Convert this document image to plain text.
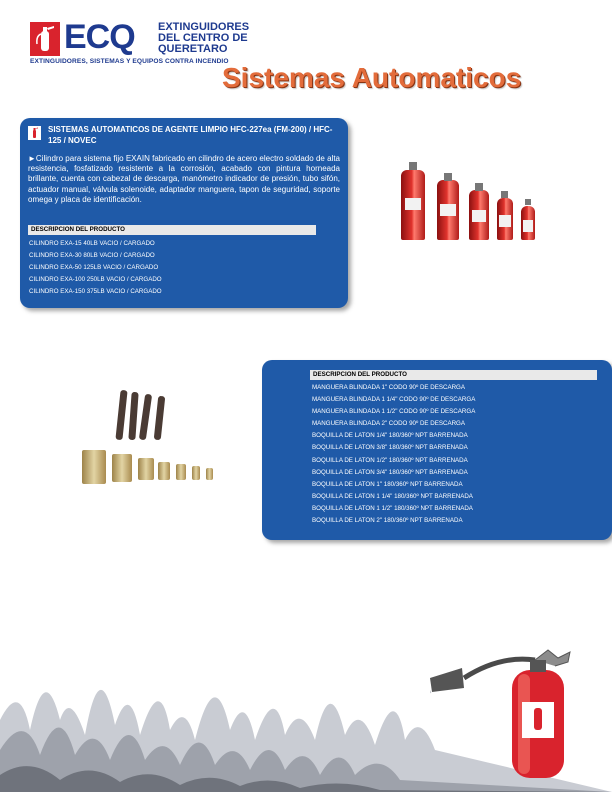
ECQ EXTINGUIDORES DEL CENTRO DE QUERETARO
EXTINGUIDORES, SISTEMAS Y EQUIPOS CONTRA INCENDIO
Sistemas Automaticos
SISTEMAS AUTOMATICOS DE AGENTE LIMPIO HFC-227ea (FM-200) / HFC-125 / NOVEC
►Cilindro para sistema fijo EXAIN fabricado en cilindro de acero electro soldado de alta resistencia, fosfatizado resistente a la corrosión, acabado con pintura horneada brillante, cuenta con cabezal de descarga, manómetro indicador de presión, tubo sifón, actuador manual, válvula solenoide, adaptador manguera, tapon de seguridad, soporte omega y placa de identificación.
DESCRIPCION DEL PRODUCTO
CILINDRO EXA-15 40LB VACIO / CARGADO
CILINDRO EXA-30 80LB VACIO / CARGADO
CILINDRO EXA-50 125LB VACIO / CARGADO
CILINDRO EXA-100 250LB VACIO / CARGADO
CILINDRO EXA-150 375LB VACIO / CARGADO
DESCRIPCION DEL PRODUCTO
MANGUERA BLINDADA 1" CODO 90º DE DESCARGA
MANGUERA BLINDADA 1 1/4" CODO 90º DE DESCARGA
MANGUERA BLINDADA 1 1/2" CODO 90º DE DESCARGA
MANGUERA BLINDADA 2" CODO 90º DE DESCARGA
BOQUILLA DE LATON 1/4" 180/360º NPT BARRENADA
BOQUILLA DE LATON 3/8" 180/360º NPT BARRENADA
BOQUILLA DE LATON 1/2" 180/360º NPT BARRENADA
BOQUILLA DE LATON 3/4" 180/360º NPT BARRENADA
BOQUILLA DE LATON 1" 180/360º NPT BARRENADA
BOQUILLA DE LATON 1 1/4" 180/360º NPT BARRENADA
BOQUILLA DE LATON 1 1/2" 180/360º NPT BARRENADA
BOQUILLA DE LATON 2" 180/360º NPT BARRENADA
